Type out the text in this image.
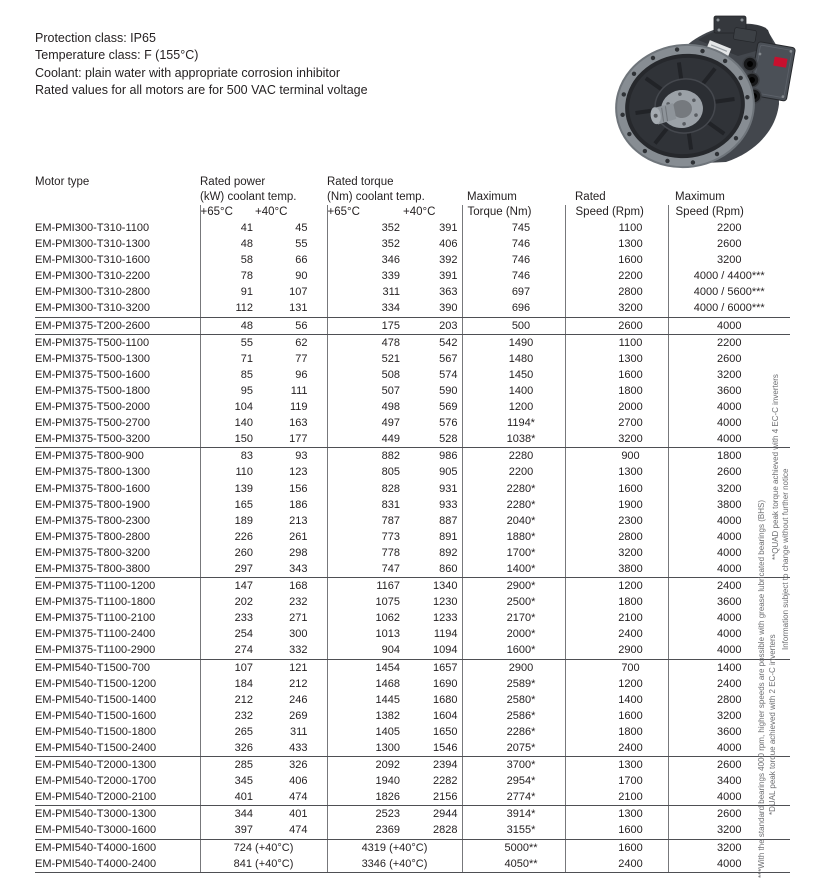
Protection class: IP65
Temperature class: F (155°C)
Coolant: plain water with appropriate corrosion inhibitor
Rated values for all motors are for 500 VAC terminal voltage
Motor type	Rated power		Rated torque				
	(kW) coolant temp.		(Nm) coolant temp.		Maximum	Rated	Maximum
	+65°C	+40°C	+65°C	+40°C	Torque (Nm)	Speed (Rpm)	Speed (Rpm)
EM-PMI300-T310-1100	41	45	352	391	745	1100	2200
EM-PMI300-T310-1300	48	55	352	406	746	1300	2600
EM-PMI300-T310-1600	58	66	346	392	746	1600	3200
EM-PMI300-T310-2200	78	90	339	391	746	2200	4000 / 4400***
EM-PMI300-T310-2800	91	107	311	363	697	2800	4000 / 5600***
EM-PMI300-T310-3200	112	131	334	390	696	3200	4000 / 6000***
EM-PMI375-T200-2600	48	56	175	203	500	2600	4000
EM-PMI375-T500-1100	55	62	478	542	1490	1100	2200
EM-PMI375-T500-1300	71	77	521	567	1480	1300	2600
EM-PMI375-T500-1600	85	96	508	574	1450	1600	3200
EM-PMI375-T500-1800	95	111	507	590	1400	1800	3600
EM-PMI375-T500-2000	104	119	498	569	1200	2000	4000
EM-PMI375-T500-2700	140	163	497	576	1194*	2700	4000
EM-PMI375-T500-3200	150	177	449	528	1038*	3200	4000
EM-PMI375-T800-900	83	93	882	986	2280	900	1800
EM-PMI375-T800-1300	110	123	805	905	2200	1300	2600
EM-PMI375-T800-1600	139	156	828	931	2280*	1600	3200
EM-PMI375-T800-1900	165	186	831	933	2280*	1900	3800
EM-PMI375-T800-2300	189	213	787	887	2040*	2300	4000
EM-PMI375-T800-2800	226	261	773	891	1880*	2800	4000
EM-PMI375-T800-3200	260	298	778	892	1700*	3200	4000
EM-PMI375-T800-3800	297	343	747	860	1400*	3800	4000
EM-PMI375-T1100-1200	147	168	1167	1340	2900*	1200	2400
EM-PMI375-T1100-1800	202	232	1075	1230	2500*	1800	3600
EM-PMI375-T1100-2100	233	271	1062	1233	2170*	2100	4000
EM-PMI375-T1100-2400	254	300	1013	1194	2000*	2400	4000
EM-PMI375-T1100-2900	274	332	904	1094	1600*	2900	4000
EM-PMI540-T1500-700	107	121	1454	1657	2900	700	1400
EM-PMI540-T1500-1200	184	212	1468	1690	2589*	1200	2400
EM-PMI540-T1500-1400	212	246	1445	1680	2580*	1400	2800
EM-PMI540-T1500-1600	232	269	1382	1604	2586*	1600	3200
EM-PMI540-T1500-1800	265	311	1405	1650	2286*	1800	3600
EM-PMI540-T1500-2400	326	433	1300	1546	2075*	2400	4000
EM-PMI540-T2000-1300	285	326	2092	2394	3700*	1300	2600
EM-PMI540-T2000-1700	345	406	1940	2282	2954*	1700	3400
EM-PMI540-T2000-2100	401	474	1826	2156	2774*	2100	4000
EM-PMI540-T3000-1300	344	401	2523	2944	3914*	1300	2600
EM-PMI540-T3000-1600	397	474	2369	2828	3155*	1600	3200
EM-PMI540-T4000-1600	724 (+40°C)		4319 (+40°C)		5000**	1600	3200
EM-PMI540-T4000-2400	841 (+40°C)		3346 (+40°C)		4050**	2400	4000 ***With the standard bearings 4000 rpm, higher speeds are possible with grease lubricated bearings (BHS) *DUAL peak torque achieved with 2 EC-C inverters
**QUAD peak torque achieved with 4 EC-C inverters Information subject to change without further notice
